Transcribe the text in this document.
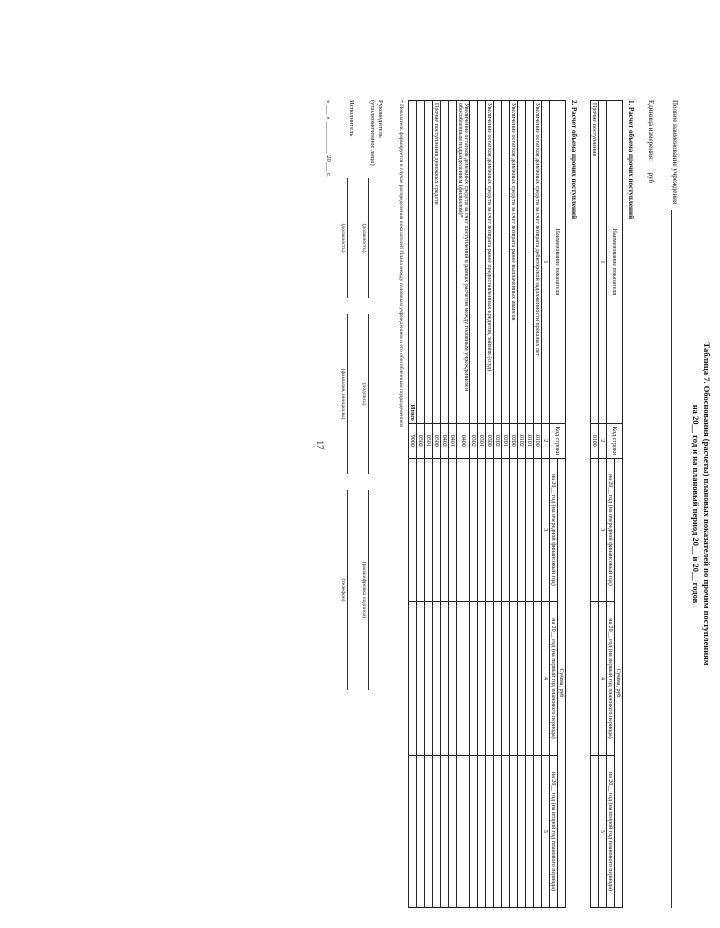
17	Таблица 7. Обоснования (расчеты) плановых показателей по прочим поступлениям
на 20__ год и на плановый период 20__ и 20__ годов
Полное наименование учреждения
Единица измерения: руб
1. Расчет объема прочих поступлений
Наименование показателя	Код строки	Сумма, руб		
		на 20__ год (на очередной финансовый год)	на 20__ год (на первый год планового периода)	на 20__ год (на второй год планового периода)
1	2	3	4	5
Прочие поступления	0100			
2. Расчет объема прочих поступлений
Наименование показателя	Код строки	Сумма, руб		
		на 20__ год (на очередной финансовый год)	на 20__ год (на первый год планового периода)	на 20__ год (на второй год планового периода)
1	2	3	4	5
Увеличение остатков денежных средств за счет возврата дебиторской задолженности прошлых лет	0100			
	0101			
	0102			
Увеличение остатков денежных средств за счет возврата ранее выплаченных авансов	0200			
	0201			
	0202			
Увеличение остатков денежных средств за счет возврата ранее предоставленных кредитов, займов (ссуд)	0300			
	0301			
	0302			
Увеличение остатков денежных средств за счет поступлений в рамках расчетов между головным учреждением и обособленным подразделением (филиалом)*	0400			
	0401			
	0402			
Прочие поступления денежных средств	0500			
	0501			
	0502			
Итого	9000			
* Показатель формируется в случае распределения показателей Плана между головным учреждением и его обособленным подразделением
Руководитель (уполномоченное лицо)
(должность)
(подпись)
(расшифровка подписи)
Исполнитель
(должность)
(фамилия, инициалы)
(телефон)
« ___ » __________ 20___ г.
